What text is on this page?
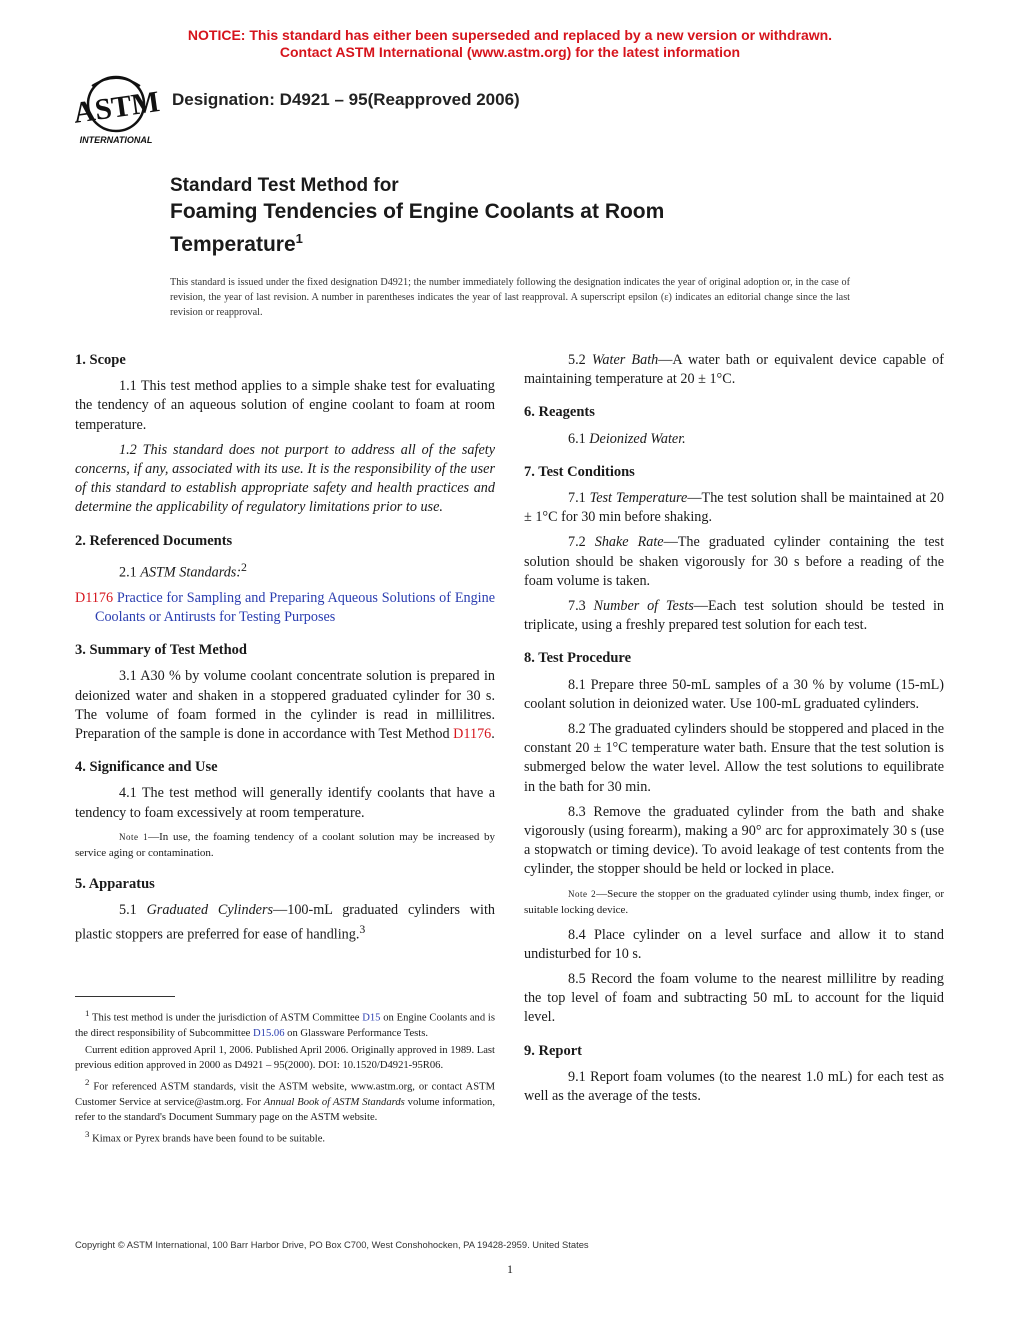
NOTICE: This standard has either been superseded and replaced by a new version or withdrawn.
Contact ASTM International (www.astm.org) for the latest information
ASTM
INTERNATIONAL
Designation: D4921 – 95(Reapproved 2006)
Standard Test Method for
Foaming Tendencies of Engine Coolants at Room
Temperature$^1$
This standard is issued under the fixed designation D4921; the number immediately following the designation indicates the year of original adoption or, in the case of revision, the year of last revision. A number in parentheses indicates the year of last reapproval. A superscript epsilon (ε) indicates an editorial change since the last revision or reapproval.
1. Scope

1.1 This test method applies to a simple shake test for evaluating the tendency of an aqueous solution of engine coolant to foam at room temperature.

1.2 This standard does not purport to address all of the safety concerns, if any, associated with its use. It is the responsibility of the user of this standard to establish appropriate safety and health practices and determine the applicability of regulatory limitations prior to use.

2. Referenced Documents

2.1 ASTM Standards:$^2$

D1176 Practice for Sampling and Preparing Aqueous Solutions of Engine Coolants or Antirusts for Testing Purposes

3. Summary of Test Method

3.1 A30 % by volume coolant concentrate solution is prepared in deionized water and shaken in a stoppered graduated cylinder for 30 s. The volume of foam formed in the cylinder is read in millilitres. Preparation of the sample is done in accordance with Test Method D1176.

4. Significance and Use

4.1 The test method will generally identify coolants that have a tendency to foam excessively at room temperature.

Note 1—In use, the foaming tendency of a coolant solution may be increased by service aging or contamination.

5. Apparatus

5.1 Graduated Cylinders—100-mL graduated cylinders with plastic stoppers are preferred for ease of handling.$^3$

5.2 Water Bath—A water bath or equivalent device capable of maintaining temperature at 20 ± 1°C.

6. Reagents

6.1 Deionized Water.

7. Test Conditions

7.1 Test Temperature—The test solution shall be maintained at 20 ± 1°C for 30 min before shaking.

7.2 Shake Rate—The graduated cylinder containing the test solution should be shaken vigorously for 30 s before a reading of the foam volume is taken.

7.3 Number of Tests—Each test solution should be tested in triplicate, using a freshly prepared test solution for each test.

8. Test Procedure

8.1 Prepare three 50-mL samples of a 30 % by volume (15-mL) coolant solution in deionized water. Use 100-mL graduated cylinders.

8.2 The graduated cylinders should be stoppered and placed in the constant 20 ± 1°C temperature water bath. Ensure that the test solution is submerged below the water level. Allow the test solutions to equilibrate in the bath for 30 min.

8.3 Remove the graduated cylinder from the bath and shake vigorously (using forearm), making a 90° arc for approximately 30 s (use a stopwatch or timing device). To avoid leakage of test contents from the cylinder, the stopper should be held or locked in place.

Note 2—Secure the stopper on the graduated cylinder using thumb, index finger, or suitable locking device.

8.4 Place cylinder on a level surface and allow it to stand undisturbed for 10 s.

8.5 Record the foam volume to the nearest millilitre by reading the top level of foam and subtracting 50 mL to account for the liquid level.

9. Report

9.1 Report foam volumes (to the nearest 1.0 mL) for each test as well as the average of the tests.

$^1$ This test method is under the jurisdiction of ASTM Committee D15 on Engine Coolants and is the direct responsibility of Subcommittee D15.06 on Glassware Performance Tests.

Current edition approved April 1, 2006. Published April 2006. Originally approved in 1989. Last previous edition approved in 2000 as D4921 – 95(2000). DOI: 10.1520/D4921-95R06.

$^2$ For referenced ASTM standards, visit the ASTM website, www.astm.org, or contact ASTM Customer Service at service@astm.org. For Annual Book of ASTM Standards volume information, refer to the standard's Document Summary page on the ASTM website.

$^3$ Kimax or Pyrex brands have been found to be suitable.

Copyright © ASTM International, 100 Barr Harbor Drive, PO Box C700, West Conshohocken, PA 19428-2959. United States
1
